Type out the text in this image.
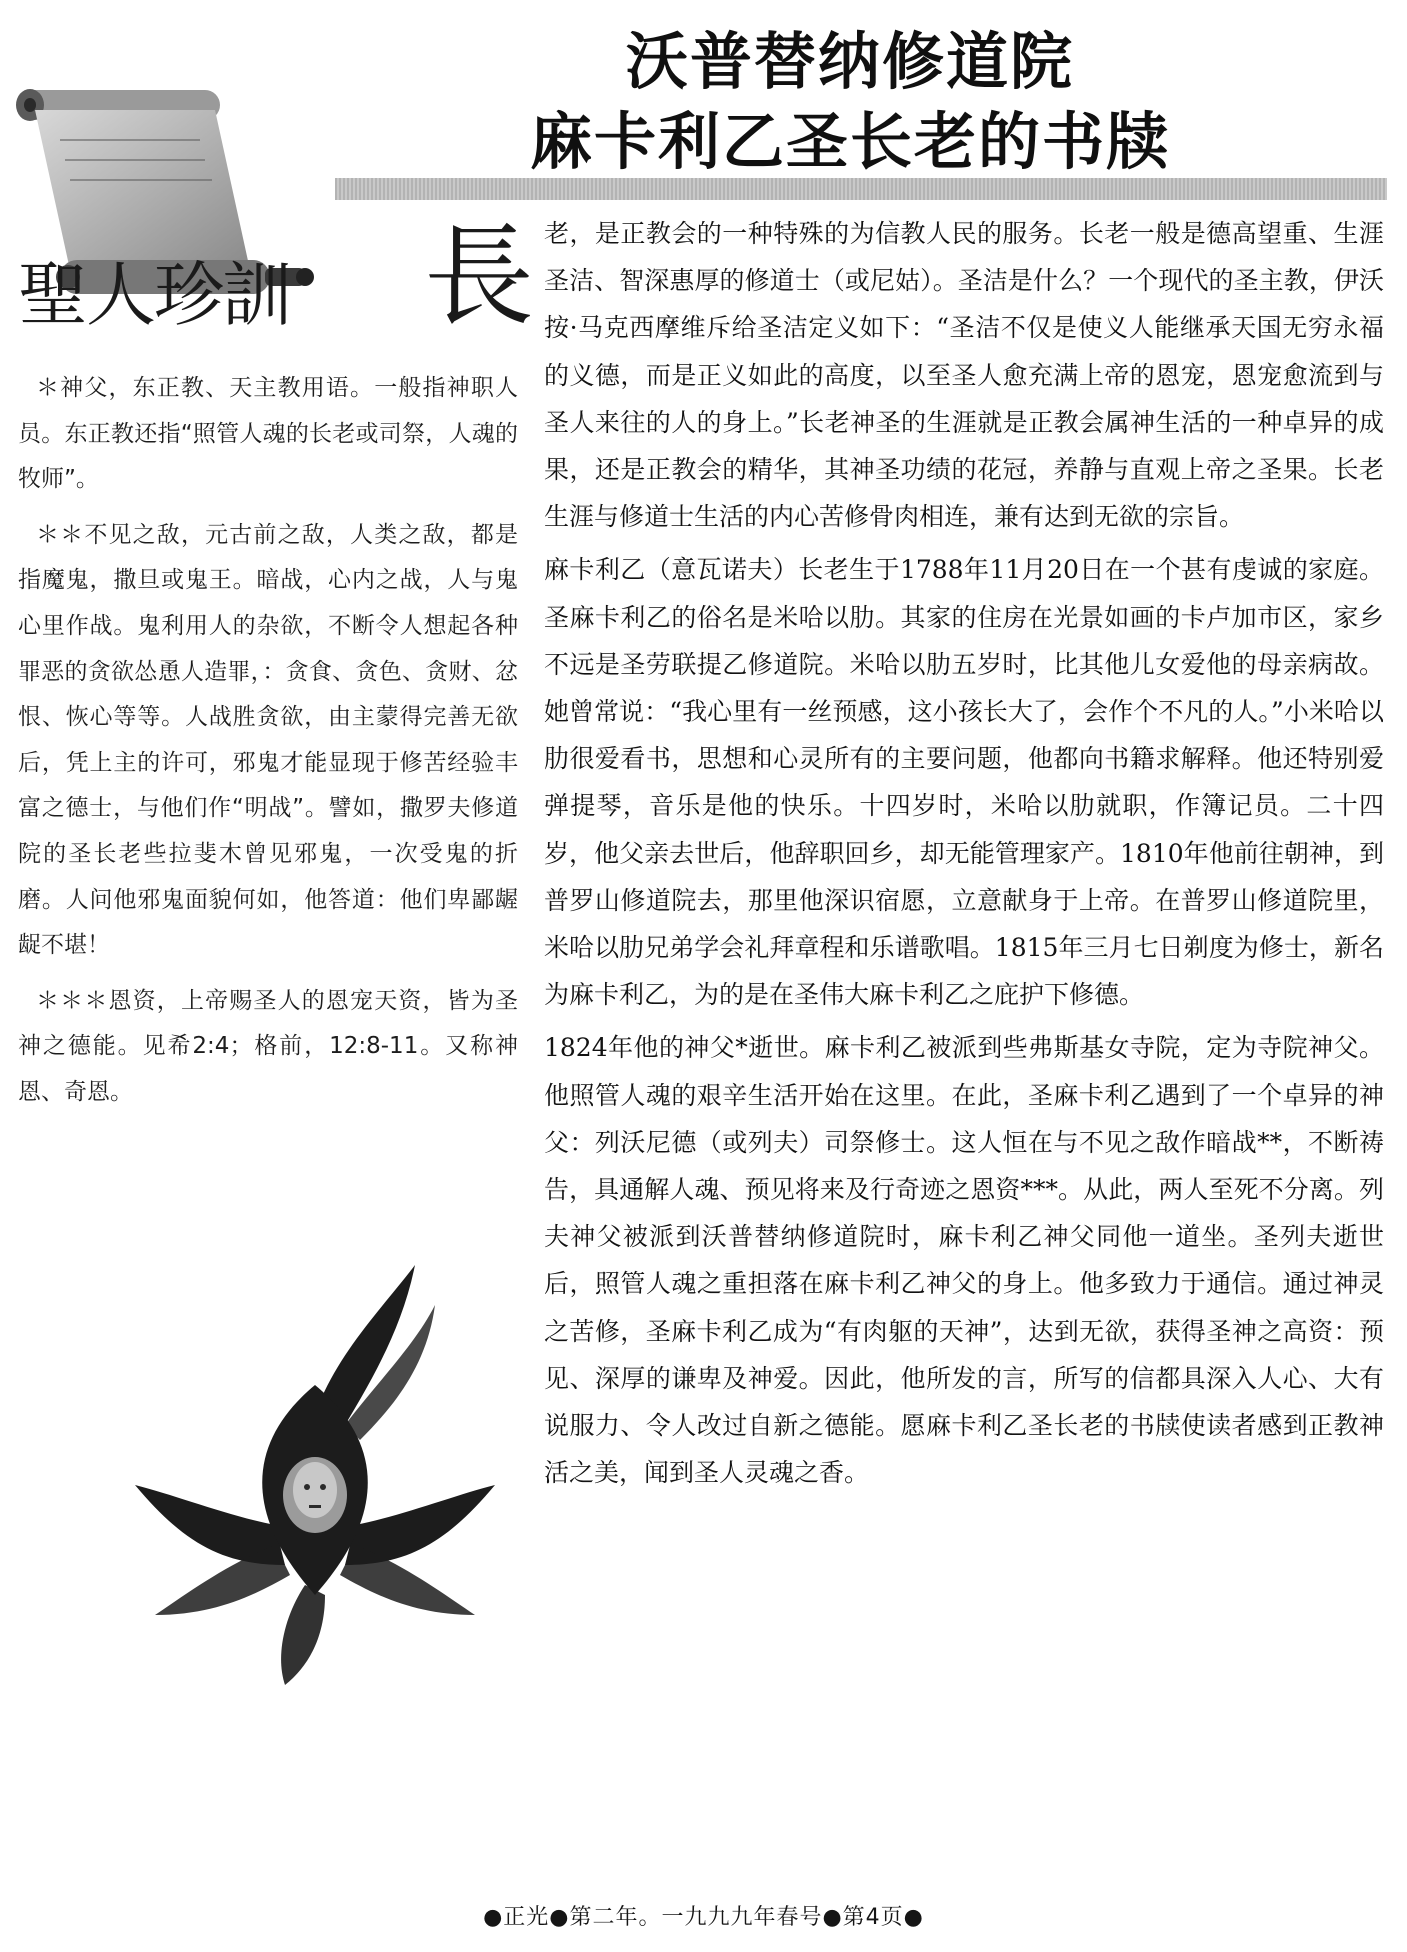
聖人珍訓
沃普替纳修道院
麻卡利乙圣长老的书牍
長

＊神父，东正教、天主教用语。一般指神职人员。东正教还指“照管人魂的长老或司祭，人魂的牧师”。

＊＊不见之敌，元古前之敌，人类之敌，都是指魔鬼，撒旦或鬼王。暗战，心内之战，人与鬼心里作战。鬼利用人的杂欲，不断令人想起各种罪恶的贪欲怂恿人造罪，：贪食、贪色、贪财、忿恨、恢心等等。人战胜贪欲，由主蒙得完善无欲后，凭上主的许可，邪鬼才能显现于修苦经验丰富之德士，与他们作“明战”。譬如，撒罗夫修道院的圣长老些拉斐木曾见邪鬼，一次受鬼的折磨。人问他邪鬼面貌何如，他答道：他们卑鄙龌龊不堪！

＊＊＊恩资，上帝赐圣人的恩宠天资，皆为圣神之德能。见希2:4；格前，12:8-11。又称神恩、奇恩。

老，是正教会的一种特殊的为信教人民的服务。长老一般是德高望重、生涯圣洁、智深惠厚的修道士（或尼姑）。圣洁是什么？一个现代的圣主教，伊沃按·马克西摩维斥给圣洁定义如下：“圣洁不仅是使义人能继承天国无穷永福的义德，而是正义如此的高度，以至圣人愈充满上帝的恩宠，恩宠愈流到与圣人来往的人的身上。”长老神圣的生涯就是正教会属神生活的一种卓异的成果，还是正教会的精华，其神圣功绩的花冠，养静与直观上帝之圣果。长老生涯与修道士生活的内心苦修骨肉相连，兼有达到无欲的宗旨。

麻卡利乙（意瓦诺夫）长老生于1788年11月20日在一个甚有虔诚的家庭。圣麻卡利乙的俗名是米哈以肋。其家的住房在光景如画的卡卢加市区，家乡不远是圣劳联提乙修道院。米哈以肋五岁时，比其他儿女爱他的母亲病故。她曾常说：“我心里有一丝预感，这小孩长大了，会作个不凡的人。”小米哈以肋很爱看书，思想和心灵所有的主要问题，他都向书籍求解释。他还特别爱弹提琴，音乐是他的快乐。十四岁时，米哈以肋就职，作簿记员。二十四岁，他父亲去世后，他辞职回乡，却无能管理家产。1810年他前往朝神，到普罗山修道院去，那里他深识宿愿，立意献身于上帝。在普罗山修道院里，米哈以肋兄弟学会礼拜章程和乐谱歌唱。1815年三月七日剃度为修士，新名为麻卡利乙，为的是在圣伟大麻卡利乙之庇护下修德。

1824年他的神父*逝世。麻卡利乙被派到些弗斯基女寺院，定为寺院神父。他照管人魂的艰辛生活开始在这里。在此，圣麻卡利乙遇到了一个卓异的神父：列沃尼德（或列夫）司祭修士。这人恒在与不见之敌作暗战**，不断祷告，具通解人魂、预见将来及行奇迹之恩资***。从此，两人至死不分离。列夫神父被派到沃普替纳修道院时，麻卡利乙神父同他一道坐。圣列夫逝世后，照管人魂之重担落在麻卡利乙神父的身上。他多致力于通信。通过神灵之苦修，圣麻卡利乙成为“有肉躯的天神”，达到无欲，获得圣神之高资：预见、深厚的谦卑及神爱。因此，他所发的言，所写的信都具深入人心、大有说服力、令人改过自新之德能。愿麻卡利乙圣长老的书牍使读者感到正教神活之美，闻到圣人灵魂之香。

●正光●第二年。一九九九年春号●第4页●
